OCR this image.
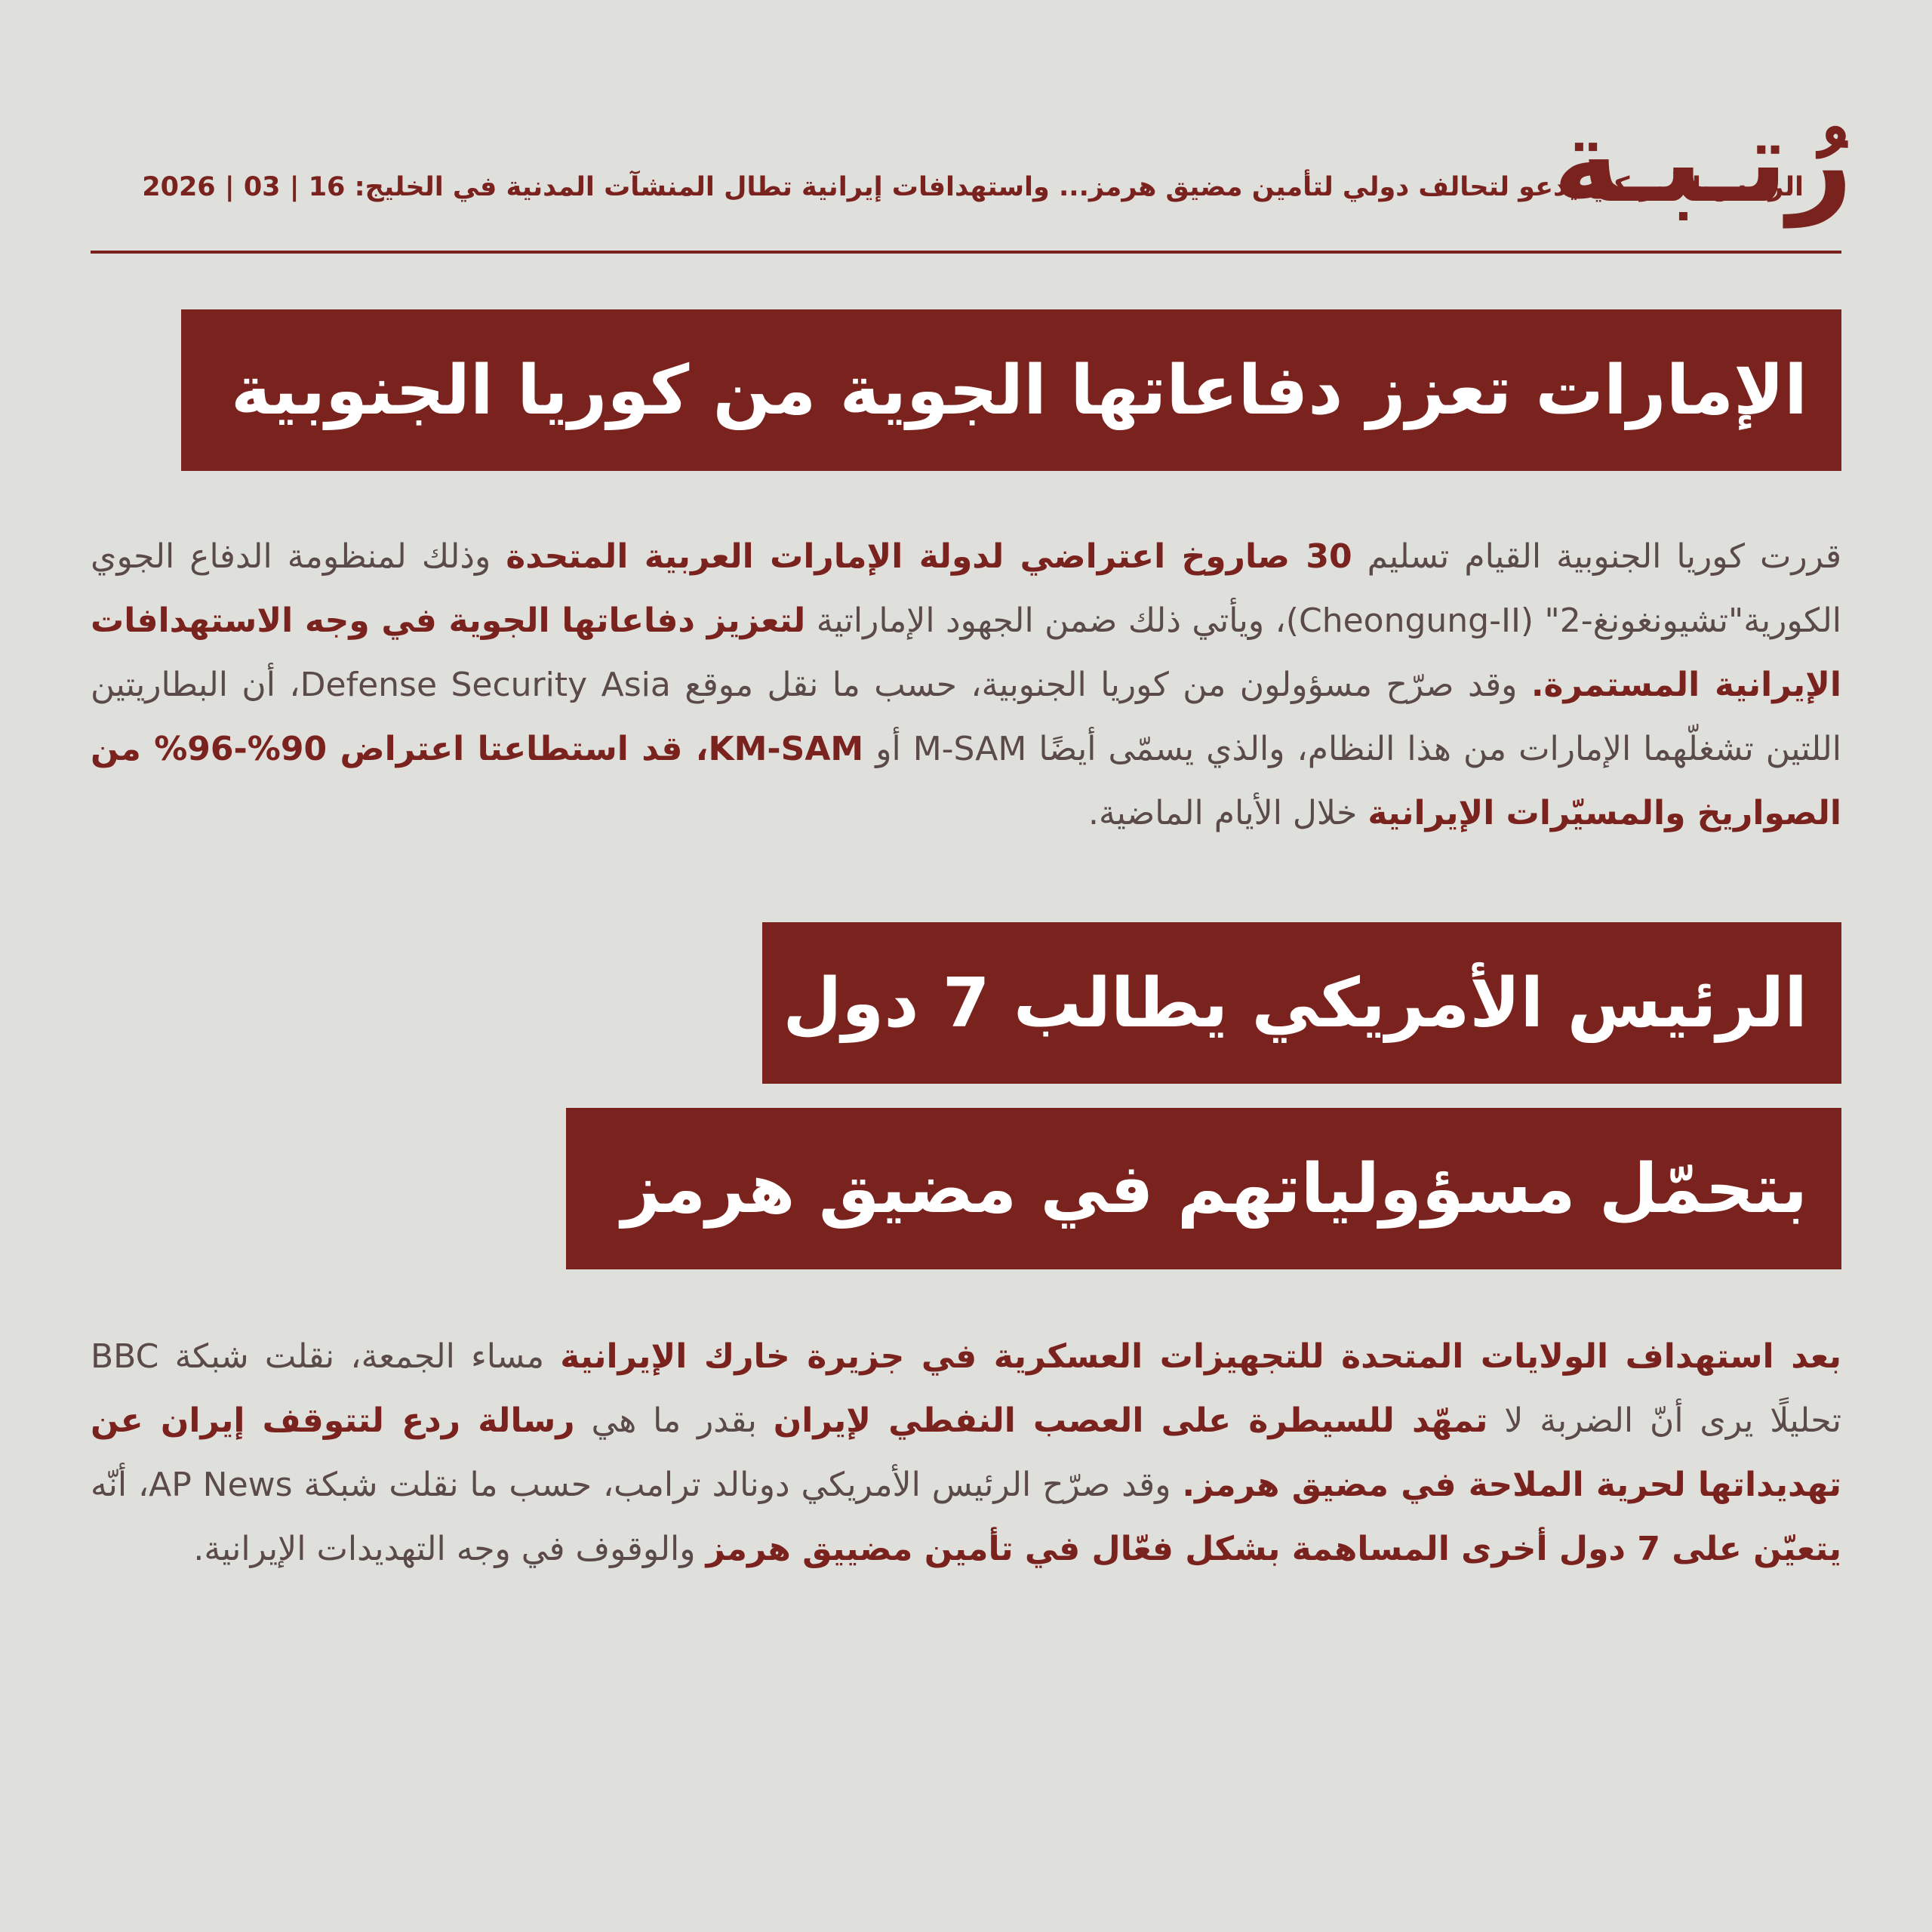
رُتـبـة
الرئيس الأمريكي يدعو لتحالف دولي لتأمين مضيق هرمز... واستهدافات إيرانية تطال المنشآت المدنية في الخليج: 16 | 03 | 2026
الإمارات تعزز دفاعاتها الجوية من كوريا الجنوبية
قررت كوريا الجنوبية القيام تسليم 30 صاروخ اعتراضي لدولة الإمارات العربية المتحدة وذلك لمنظومة الدفاع الجوي الكورية"تشيونغونغ-2" (Cheongung-II)، ويأتي ذلك ضمن الجهود الإماراتية لتعزيز دفاعاتها الجوية في وجه الاستهدافات الإيرانية المستمرة. وقد صرّح مسؤولون من كوريا الجنوبية، حسب ما نقل موقع Defense Security Asia، أن البطاريتين اللتين تشغلّهما الإمارات من هذا النظام، والذي يسمّى أيضًا M-SAM أو KM-SAM، قد استطاعتا اعتراض 90%-96% من الصواريخ والمسيّرات الإيرانية خلال الأيام الماضية.
الرئيس الأمريكي يطالب 7 دول
بتحمّل مسؤولياتهم في مضيق هرمز
بعد استهداف الولايات المتحدة للتجهيزات العسكرية في جزيرة خارك الإيرانية مساء الجمعة، نقلت شبكة BBC تحليلًا يرى أنّ الضربة لا تمهّد للسيطرة على العصب النفطي لإيران بقدر ما هي رسالة ردع لتتوقف إيران عن تهديداتها لحرية الملاحة في مضيق هرمز. وقد صرّح الرئيس الأمريكي دونالد ترامب، حسب ما نقلت شبكة AP News، أنّه يتعيّن على 7 دول أخرى المساهمة بشكل فعّال في تأمين مضييق هرمز والوقوف في وجه التهديدات الإيرانية.
